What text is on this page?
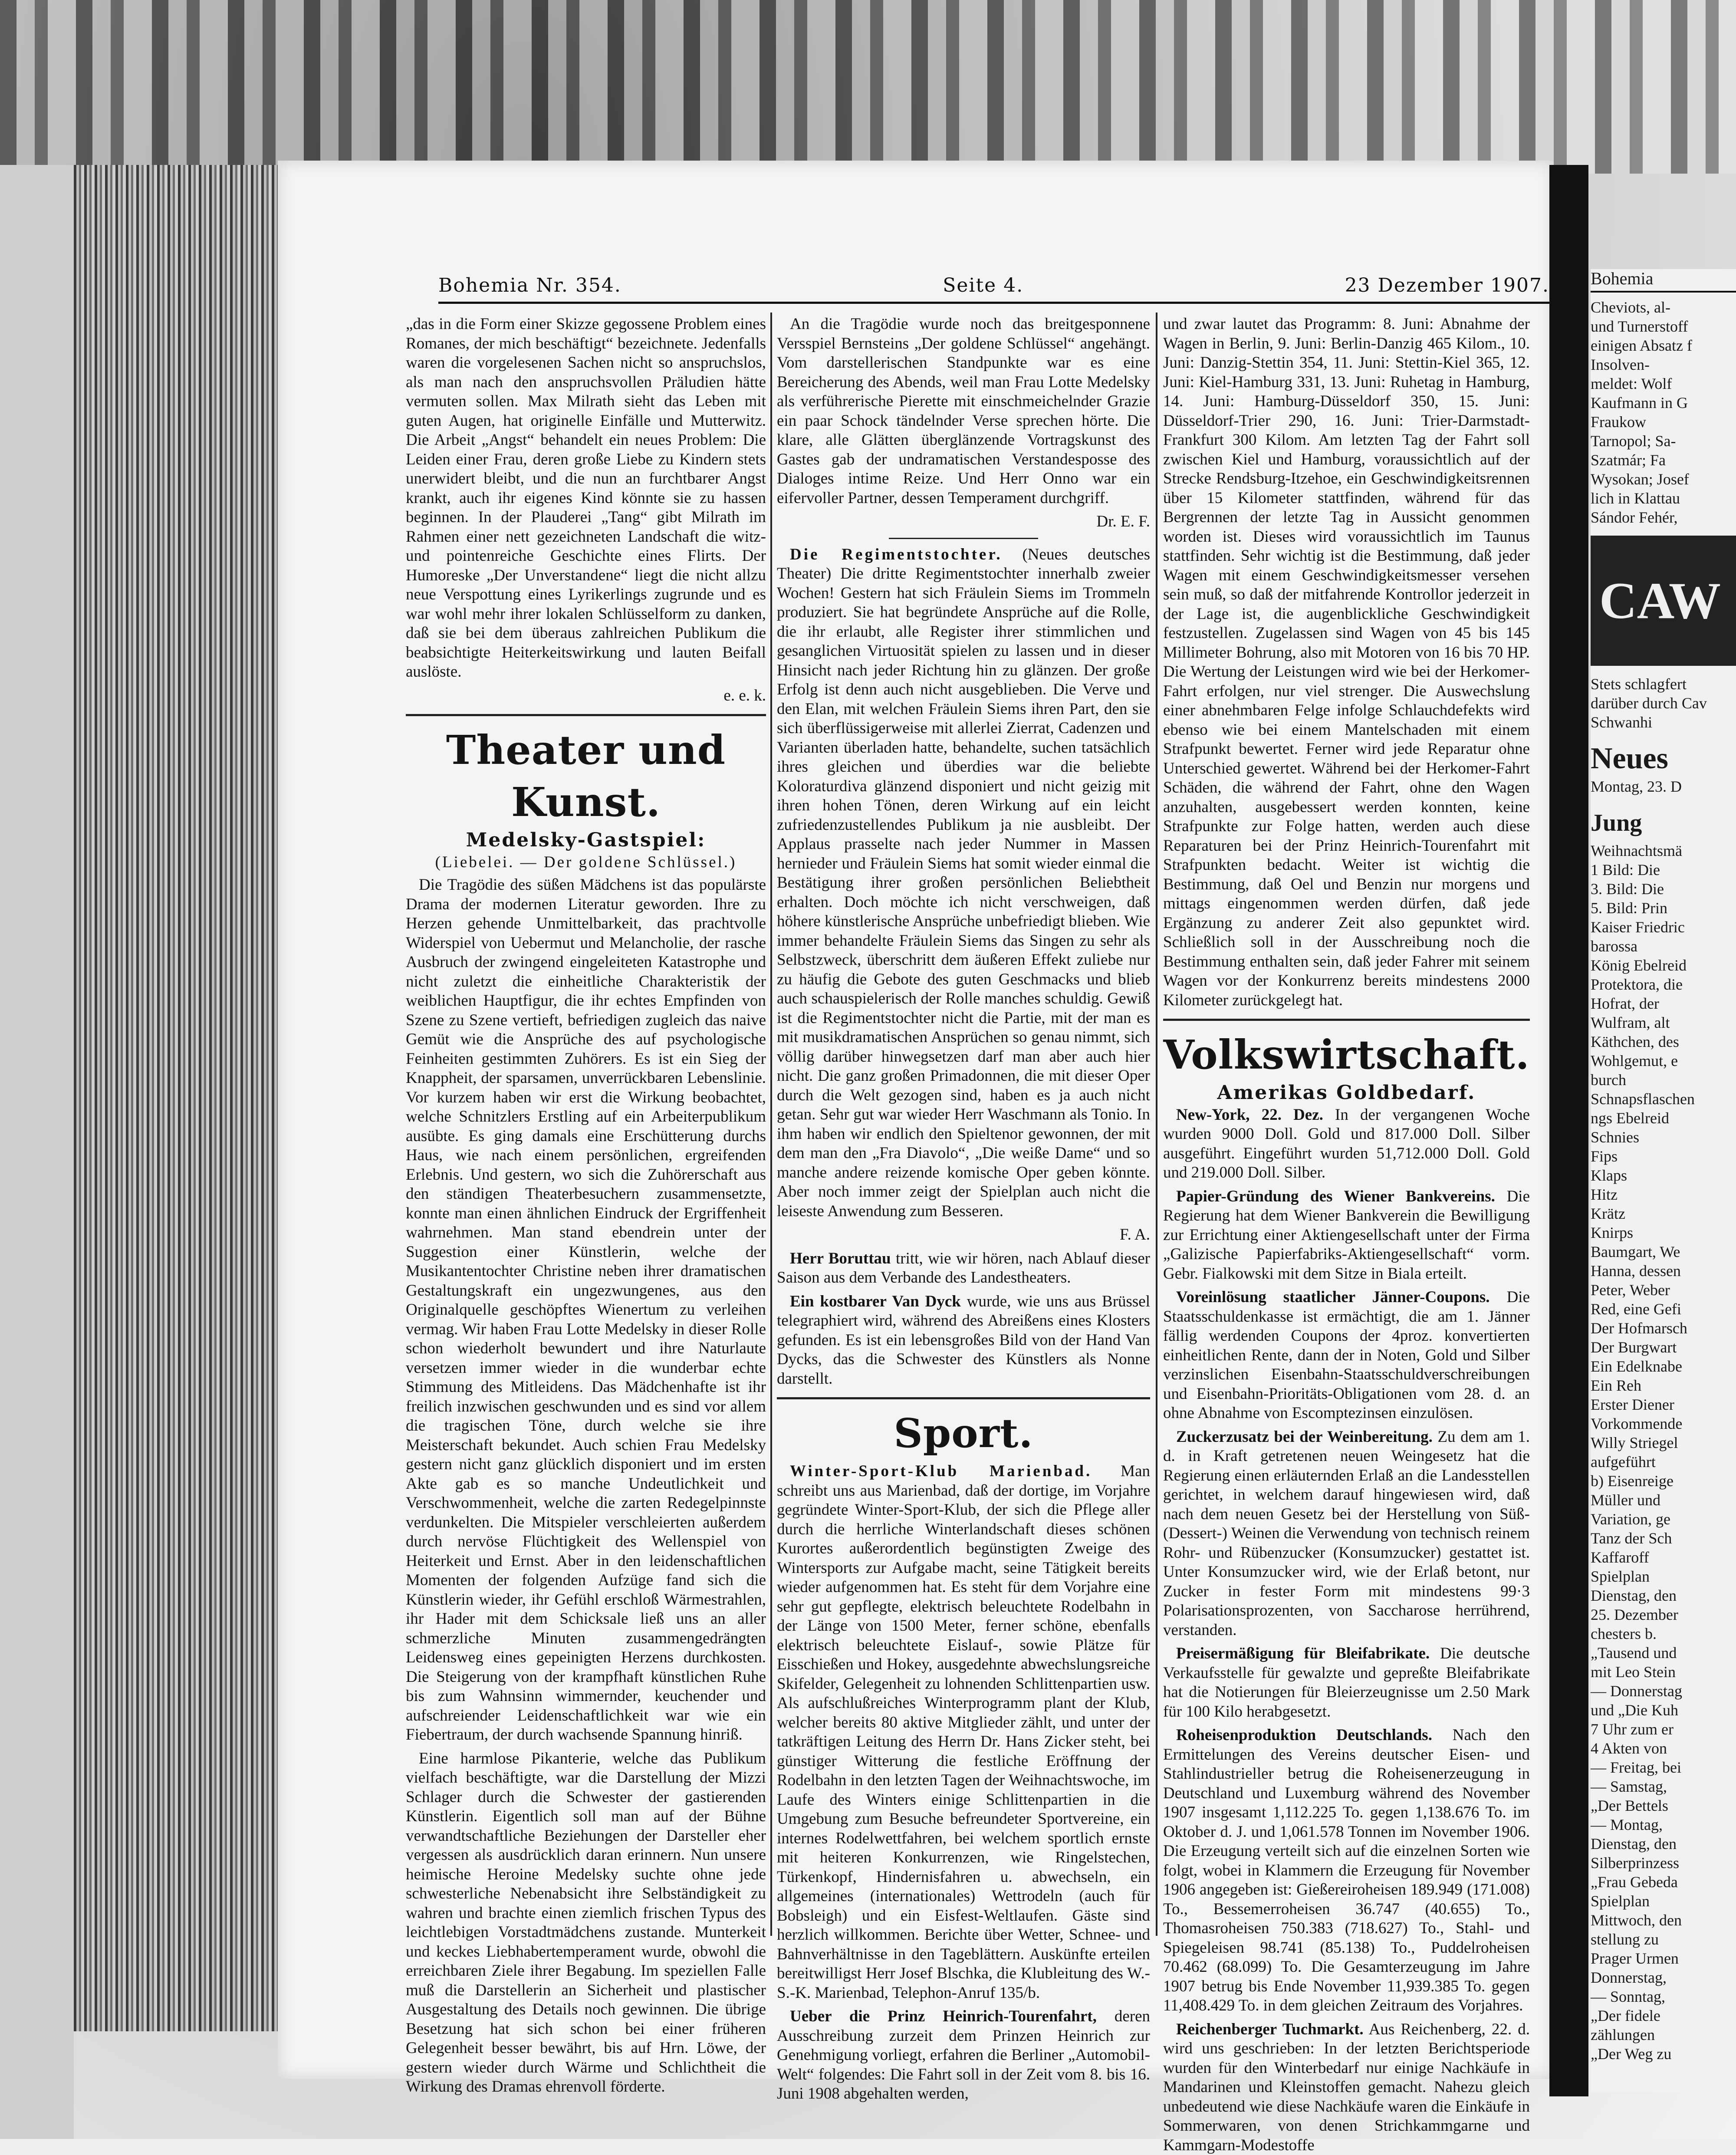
Bohemia Nr. 354.	Seite 4.	23 Dezember 1907.

„das in die Form einer Skizze gegossene Problem eines Romanes, der mich beschäftigt“ bezeichnete. Jedenfalls waren die vorgelesenen Sachen nicht so anspruchslos, als man nach den anspruchsvollen Präludien hätte vermuten sollen. Max Milrath sieht das Leben mit guten Augen, hat originelle Einfälle und Mutterwitz. Die Arbeit „Angst“ behandelt ein neues Problem: Die Leiden einer Frau, deren große Liebe zu Kindern stets unerwidert bleibt, und die nun an furchtbarer Angst krankt, auch ihr eigenes Kind könnte sie zu hassen beginnen. In der Plauderei „Tang“ gibt Milrath im Rahmen einer nett gezeichneten Landschaft die witz- und pointenreiche Geschichte eines Flirts. Der Humoreske „Der Unverstandene“ liegt die nicht allzu neue Verspottung eines Lyrikerlings zugrunde und es war wohl mehr ihrer lokalen Schlüsselform zu danken, daß sie bei dem überaus zahlreichen Publikum die beabsichtigte Heiterkeitswirkung und lauten Beifall auslöste.

e. e. k.

Theater und Kunst.
Medelsky-Gastspiel:
(Liebelei. — Der goldene Schlüssel.)

Die Tragödie des süßen Mädchens ist das populärste Drama der modernen Literatur geworden. Ihre zu Herzen gehende Unmittelbarkeit, das prachtvolle Widerspiel von Uebermut und Melancholie, der rasche Ausbruch der zwingend eingeleiteten Katastrophe und nicht zuletzt die einheitliche Charakteristik der weiblichen Hauptfigur, die ihr echtes Empfinden von Szene zu Szene vertieft, befriedigen zugleich das naive Gemüt wie die Ansprüche des auf psychologische Feinheiten gestimmten Zuhörers. Es ist ein Sieg der Knappheit, der sparsamen, unverrückbaren Lebenslinie. Vor kurzem haben wir erst die Wirkung beobachtet, welche Schnitzlers Erstling auf ein Arbeiterpublikum ausübte. Es ging damals eine Erschütterung durchs Haus, wie nach einem persönlichen, ergreifenden Erlebnis. Und gestern, wo sich die Zuhörerschaft aus den ständigen Theaterbesuchern zusammensetzte, konnte man einen ähnlichen Eindruck der Ergriffenheit wahrnehmen. Man stand ebendrein unter der Suggestion einer Künstlerin, welche der Musikantentochter Christine neben ihrer dramatischen Gestaltungskraft ein ungezwungenes, aus den Originalquelle geschöpftes Wienertum zu verleihen vermag. Wir haben Frau Lotte Medelsky in dieser Rolle schon wiederholt bewundert und ihre Naturlaute versetzen immer wieder in die wunderbar echte Stimmung des Mitleidens. Das Mädchenhafte ist ihr freilich inzwischen geschwunden und es sind vor allem die tragischen Töne, durch welche sie ihre Meisterschaft bekundet. Auch schien Frau Medelsky gestern nicht ganz glücklich disponiert und im ersten Akte gab es so manche Undeutlichkeit und Verschwommenheit, welche die zarten Redegelpinnste verdunkelten. Die Mitspieler verschleierten außerdem durch nervöse Flüchtigkeit des Wellenspiel von Heiterkeit und Ernst. Aber in den leidenschaftlichen Momenten der folgenden Aufzüge fand sich die Künstlerin wieder, ihr Gefühl erschloß Wärmestrahlen, ihr Hader mit dem Schicksale ließ uns an aller schmerzliche Minuten zusammengedrängten Leidensweg eines gepeinigten Herzens durchkosten. Die Steigerung von der krampfhaft künstlichen Ruhe bis zum Wahnsinn wimmernder, keuchender und aufschreiender Leidenschaftlichkeit war wie ein Fiebertraum, der durch wachsende Spannung hinriß.

Eine harmlose Pikanterie, welche das Publikum vielfach beschäftigte, war die Darstellung der Mizzi Schlager durch die Schwester der gastierenden Künstlerin. Eigentlich soll man auf der Bühne verwandtschaftliche Beziehungen der Darsteller eher vergessen als ausdrücklich daran erinnern. Nun unsere heimische Heroine Medelsky suchte ohne jede schwesterliche Nebenabsicht ihre Selbständigkeit zu wahren und brachte einen ziemlich frischen Typus des leichtlebigen Vorstadtmädchens zustande. Munterkeit und keckes Liebhabertemperament wurde, obwohl die erreichbaren Ziele ihrer Begabung. Im speziellen Falle muß die Darstellerin an Sicherheit und plastischer Ausgestaltung des Details noch gewinnen. Die übrige Besetzung hat sich schon bei einer früheren Gelegenheit besser bewährt, bis auf Hrn. Löwe, der gestern wieder durch Wärme und Schlichtheit die Wirkung des Dramas ehrenvoll förderte.

An die Tragödie wurde noch das breitgesponnene Versspiel Bernsteins „Der goldene Schlüssel“ angehängt. Vom darstellerischen Standpunkte war es eine Bereicherung des Abends, weil man Frau Lotte Medelsky als verführerische Pierette mit einschmeichelnder Grazie ein paar Schock tändelnder Verse sprechen hörte. Die klare, alle Glätten überglänzende Vortragskunst des Gastes gab der undramatischen Verstandesposse des Dialoges intime Reize. Und Herr Onno war ein eifervoller Partner, dessen Temperament durchgriff.

Dr. E. F.

Die Regimentstochter. (Neues deutsches Theater) Die dritte Regimentstochter innerhalb zweier Wochen! Gestern hat sich Fräulein Siems im Trommeln produziert. Sie hat begründete Ansprüche auf die Rolle, die ihr erlaubt, alle Register ihrer stimmlichen und gesanglichen Virtuosität spielen zu lassen und in dieser Hinsicht nach jeder Richtung hin zu glänzen. Der große Erfolg ist denn auch nicht ausgeblieben. Die Verve und den Elan, mit welchen Fräulein Siems ihren Part, den sie sich überflüssigerweise mit allerlei Zierrat, Cadenzen und Varianten überladen hatte, behandelte, suchen tatsächlich ihres gleichen und überdies war die beliebte Koloraturdiva glänzend disponiert und nicht geizig mit ihren hohen Tönen, deren Wirkung auf ein leicht zufriedenzustellendes Publikum ja nie ausbleibt. Der Applaus prasselte nach jeder Nummer in Massen hernieder und Fräulein Siems hat somit wieder einmal die Bestätigung ihrer großen persönlichen Beliebtheit erhalten. Doch möchte ich nicht verschweigen, daß höhere künstlerische Ansprüche unbefriedigt blieben. Wie immer behandelte Fräulein Siems das Singen zu sehr als Selbstzweck, überschritt dem äußeren Effekt zuliebe nur zu häufig die Gebote des guten Geschmacks und blieb auch schauspielerisch der Rolle manches schuldig. Gewiß ist die Regimentstochter nicht die Partie, mit der man es mit musikdramatischen Ansprüchen so genau nimmt, sich völlig darüber hinwegsetzen darf man aber auch hier nicht. Die ganz großen Primadonnen, die mit dieser Oper durch die Welt gezogen sind, haben es ja auch nicht getan. Sehr gut war wieder Herr Waschmann als Tonio. In ihm haben wir endlich den Spieltenor gewonnen, der mit dem man den „Fra Diavolo“, „Die weiße Dame“ und so manche andere reizende komische Oper geben könnte. Aber noch immer zeigt der Spielplan auch nicht die leiseste Anwendung zum Besseren.

F. A.

Herr Boruttau tritt, wie wir hören, nach Ablauf dieser Saison aus dem Verbande des Landestheaters.

Ein kostbarer Van Dyck wurde, wie uns aus Brüssel telegraphiert wird, während des Abreißens eines Klosters gefunden. Es ist ein lebensgroßes Bild von der Hand Van Dycks, das die Schwester des Künstlers als Nonne darstellt.

Sport.

Winter-Sport-Klub Marienbad. Man schreibt uns aus Marienbad, daß der dortige, im Vorjahre gegründete Winter-Sport-Klub, der sich die Pflege aller durch die herrliche Winterlandschaft dieses schönen Kurortes außerordentlich begünstigten Zweige des Wintersports zur Aufgabe macht, seine Tätigkeit bereits wieder aufgenommen hat. Es steht für dem Vorjahre eine sehr gut gepflegte, elektrisch beleuchtete Rodelbahn in der Länge von 1500 Meter, ferner schöne, ebenfalls elektrisch beleuchtete Eislauf-, sowie Plätze für Eisschießen und Hokey, ausgedehnte abwechslungsreiche Skifelder, Gelegenheit zu lohnenden Schlittenpartien usw. Als aufschlußreiches Winterprogramm plant der Klub, welcher bereits 80 aktive Mitglieder zählt, und unter der tatkräftigen Leitung des Herrn Dr. Hans Zicker steht, bei günstiger Witterung die festliche Eröffnung der Rodelbahn in den letzten Tagen der Weihnachtswoche, im Laufe des Winters einige Schlittenpartien in die Umgebung zum Besuche befreundeter Sportvereine, ein internes Rodelwettfahren, bei welchem sportlich ernste mit heiteren Konkurrenzen, wie Ringelstechen, Türkenkopf, Hindernisfahren u. abwechseln, ein allgemeines (internationales) Wettrodeln (auch für Bobsleigh) und ein Eisfest-Weltlaufen. Gäste sind herzlich willkommen. Berichte über Wetter, Schnee- und Bahnverhältnisse in den Tageblättern. Auskünfte erteilen bereitwilligst Herr Josef Blschka, die Klubleitung des W.-S.-K. Marienbad, Telephon-Anruf 135/b.

Ueber die Prinz Heinrich-Tourenfahrt, deren Ausschreibung zurzeit dem Prinzen Heinrich zur Genehmigung vorliegt, erfahren die Berliner „Automobil-Welt“ folgendes: Die Fahrt soll in der Zeit vom 8. bis 16. Juni 1908 abgehalten werden,

und zwar lautet das Programm: 8. Juni: Abnahme der Wagen in Berlin, 9. Juni: Berlin-Danzig 465 Kilom., 10. Juni: Danzig-Stettin 354, 11. Juni: Stettin-Kiel 365, 12. Juni: Kiel-Hamburg 331, 13. Juni: Ruhetag in Hamburg, 14. Juni: Hamburg-Düsseldorf 350, 15. Juni: Düsseldorf-Trier 290, 16. Juni: Trier-Darmstadt-Frankfurt 300 Kilom. Am letzten Tag der Fahrt soll zwischen Kiel und Hamburg, voraussichtlich auf der Strecke Rendsburg-Itzehoe, ein Geschwindigkeitsrennen über 15 Kilometer stattfinden, während für das Bergrennen der letzte Tag in Aussicht genommen worden ist. Dieses wird voraussichtlich im Taunus stattfinden. Sehr wichtig ist die Bestimmung, daß jeder Wagen mit einem Geschwindigkeitsmesser versehen sein muß, so daß der mitfahrende Kontrollor jederzeit in der Lage ist, die augenblickliche Geschwindigkeit festzustellen. Zugelassen sind Wagen von 45 bis 145 Millimeter Bohrung, also mit Motoren von 16 bis 70 HP. Die Wertung der Leistungen wird wie bei der Herkomer-Fahrt erfolgen, nur viel strenger. Die Auswechslung einer abnehmbaren Felge infolge Schlauchdefekts wird ebenso wie bei einem Mantelschaden mit einem Strafpunkt bewertet. Ferner wird jede Reparatur ohne Unterschied gewertet. Während bei der Herkomer-Fahrt Schäden, die während der Fahrt, ohne den Wagen anzuhalten, ausgebessert werden konnten, keine Strafpunkte zur Folge hatten, werden auch diese Reparaturen bei der Prinz Heinrich-Tourenfahrt mit Strafpunkten bedacht. Weiter ist wichtig die Bestimmung, daß Oel und Benzin nur morgens und mittags eingenommen werden dürfen, daß jede Ergänzung zu anderer Zeit also gepunktet wird. Schließlich soll in der Ausschreibung noch die Bestimmung enthalten sein, daß jeder Fahrer mit seinem Wagen vor der Konkurrenz bereits mindestens 2000 Kilometer zurückgelegt hat.

Volkswirtschaft.
Amerikas Goldbedarf.

New-York, 22. Dez. In der vergangenen Woche wurden 9000 Doll. Gold und 817.000 Doll. Silber ausgeführt. Eingeführt wurden 51,712.000 Doll. Gold und 219.000 Doll. Silber.

Papier-Gründung des Wiener Bankvereins. Die Regierung hat dem Wiener Bankverein die Bewilligung zur Errichtung einer Aktiengesellschaft unter der Firma „Galizische Papierfabriks-Aktiengesellschaft“ vorm. Gebr. Fialkowski mit dem Sitze in Biala erteilt.

Voreinlösung staatlicher Jänner-Coupons. Die Staatsschuldenkasse ist ermächtigt, die am 1. Jänner fällig werdenden Coupons der 4proz. konvertierten einheitlichen Rente, dann der in Noten, Gold und Silber verzinslichen Eisenbahn-Staatsschuldverschreibungen und Eisenbahn-Prioritäts-Obligationen vom 28. d. an ohne Abnahme von Escomptezinsen einzulösen.

Zuckerzusatz bei der Weinbereitung. Zu dem am 1. d. in Kraft getretenen neuen Weingesetz hat die Regierung einen erläuternden Erlaß an die Landesstellen gerichtet, in welchem darauf hingewiesen wird, daß nach dem neuen Gesetz bei der Herstellung von Süß- (Dessert-) Weinen die Verwendung von technisch reinem Rohr- und Rübenzucker (Konsumzucker) gestattet ist. Unter Konsumzucker wird, wie der Erlaß betont, nur Zucker in fester Form mit mindestens 99·3 Polarisationsprozenten, von Saccharose herrührend, verstanden.

Preisermäßigung für Bleifabrikate. Die deutsche Verkaufsstelle für gewalzte und gepreßte Bleifabrikate hat die Notierungen für Bleierzeugnisse um 2.50 Mark für 100 Kilo herabgesetzt.

Roheisenproduktion Deutschlands. Nach den Ermittelungen des Vereins deutscher Eisen- und Stahlindustrieller betrug die Roheisenerzeugung in Deutschland und Luxemburg während des November 1907 insgesamt 1,112.225 To. gegen 1,138.676 To. im Oktober d. J. und 1,061.578 Tonnen im November 1906. Die Erzeugung verteilt sich auf die einzelnen Sorten wie folgt, wobei in Klammern die Erzeugung für November 1906 angegeben ist: Gießereiroheisen 189.949 (171.008) To., Bessemerroheisen 36.747 (40.655) To., Thomasroheisen 750.383 (718.627) To., Stahl- und Spiegeleisen 98.741 (85.138) To., Puddelroheisen 70.462 (68.099) To. Die Gesamterzeugung im Jahre 1907 betrug bis Ende November 11,939.385 To. gegen 11,408.429 To. in dem gleichen Zeitraum des Vorjahres.

Reichenberger Tuchmarkt. Aus Reichenberg, 22. d. wird uns geschrieben: In der letzten Berichtsperiode wurden für den Winterbedarf nur einige Nachkäufe in Mandarinen und Kleinstoffen gemacht. Nahezu gleich unbedeutend wie diese Nachkäufe waren die Einkäufe in Sommerwaren, von denen Strichkammgarne und Kammgarn-Modestoffe

Bohemia
Cheviots, al-
und Turnerstoff
einigen Absatz f
Insolven-
meldet: Wolf
Kaufmann in G
Fraukow
Tarnopol; Sa-
Szatmár; Fa
Wysokan; Josef
lich in Klattau
Sándor Fehér,
CAW
Stets schlagfert
darüber durch Cav
Schwanhi
Neues
Montag, 23. D
Jung
Weihnachtsmä
1 Bild: Die
3. Bild: Die
5. Bild: Prin
Kaiser Friedric
barossa
König Ebelreid
Protektora, die
Hofrat, der
Wulfram, alt
Käthchen, des
Wohlgemut, e
burch
Schnapsflaschen
ngs Ebelreid
Schnies
Fips
Klaps
Hitz
Krätz
Knirps
Baumgart, We
Hanna, dessen
Peter, Weber
Red, eine Gefi
Der Hofmarsch
Der Burgwart
Ein Edelknabe
Ein Reh
Erster Diener
Vorkommende
Willy Striegel
aufgeführt
b) Eisenreige
Müller und
Variation, ge
Tanz der Sch
Kaffaroff
Spielplan
Dienstag, den
25. Dezember
chesters b.
„Tausend und
mit Leo Stein
— Donnerstag
und „Die Kuh
7 Uhr zum er
4 Akten von
— Freitag, bei
— Samstag,
„Der Bettels
— Montag,
Dienstag, den
Silberprinzess
„Frau Gebeda
Spielplan
Mittwoch, den
stellung zu
Prager Urmen
Donnerstag,
— Sonntag,
„Der fidele
zählungen
„Der Weg zu
